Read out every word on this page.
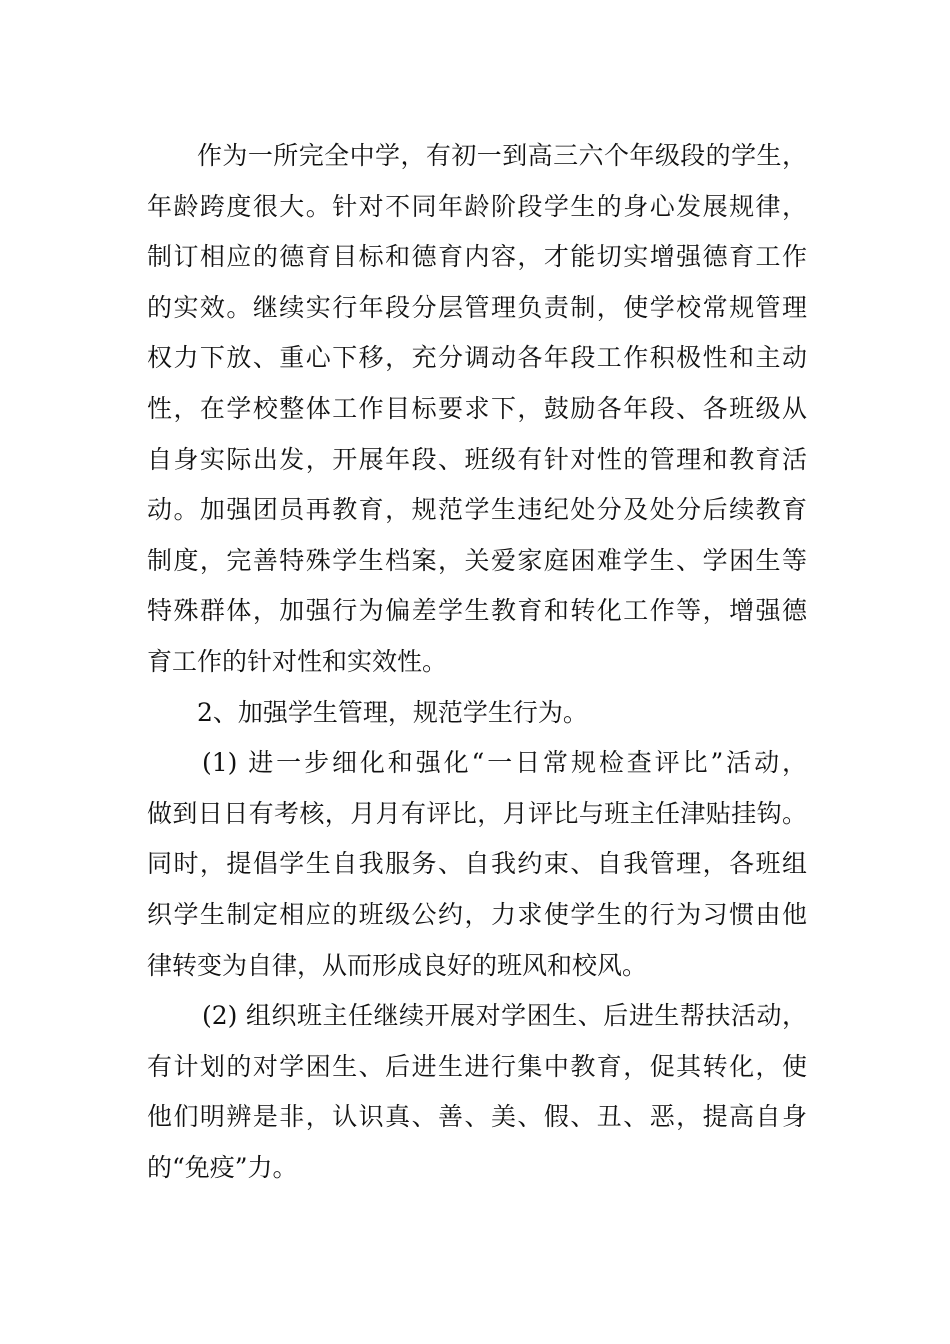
作为一所完全中学，有初一到高三六个年级段的学生，
年龄跨度很大。针对不同年龄阶段学生的身心发展规律，
制订相应的德育目标和德育内容，才能切实增强德育工作
的实效。继续实行年段分层管理负责制，使学校常规管理
权力下放、重心下移，充分调动各年段工作积极性和主动
性，在学校整体工作目标要求下，鼓励各年段、各班级从
自身实际出发，开展年段、班级有针对性的管理和教育活
动。加强团员再教育，规范学生违纪处分及处分后续教育
制度，完善特殊学生档案，关爱家庭困难学生、学困生等
特殊群体，加强行为偏差学生教育和转化工作等，增强德
育工作的针对性和实效性。
2、加强学生管理，规范学生行为。
(1) 进一步细化和强化“一日常规检查评比”活动，
做到日日有考核，月月有评比，月评比与班主任津贴挂钩。
同时，提倡学生自我服务、自我约束、自我管理，各班组
织学生制定相应的班级公约，力求使学生的行为习惯由他
律转变为自律，从而形成良好的班风和校风。
(2) 组织班主任继续开展对学困生、后进生帮扶活动，
有计划的对学困生、后进生进行集中教育，促其转化，使
他们明辨是非，认识真、善、美、假、丑、恶，提高自身
的“免疫”力。
